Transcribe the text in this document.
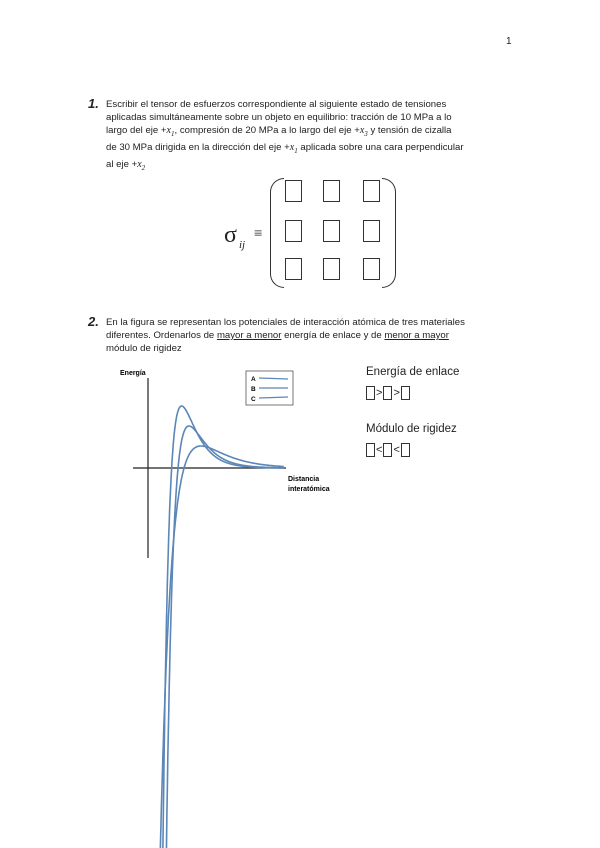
1
1. Escribir el tensor de esfuerzos correspondiente al siguiente estado de tensiones
aplicadas simultáneamente sobre un objeto en equilibrio: tracción de 10 MPa a lo
largo del eje $+x_1$, compresión de 20 MPa a lo largo del eje $+x_3$ y tensión de cizalla
de 30 MPa dirigida en la dirección del eje $+x_1$ aplicada sobre una cara perpendicular
al eje $+x_2$
σ ij
≡
2. En la figura se representan los potenciales de interacción atómica de tres materiales
diferentes. Ordenarlos de mayor a menor energía de enlace y de menor a mayor
módulo de rigidez
Energía
Distancia
interatómica
A
B
C
Energía de enlace
> >
Módulo de rigidez
< <
